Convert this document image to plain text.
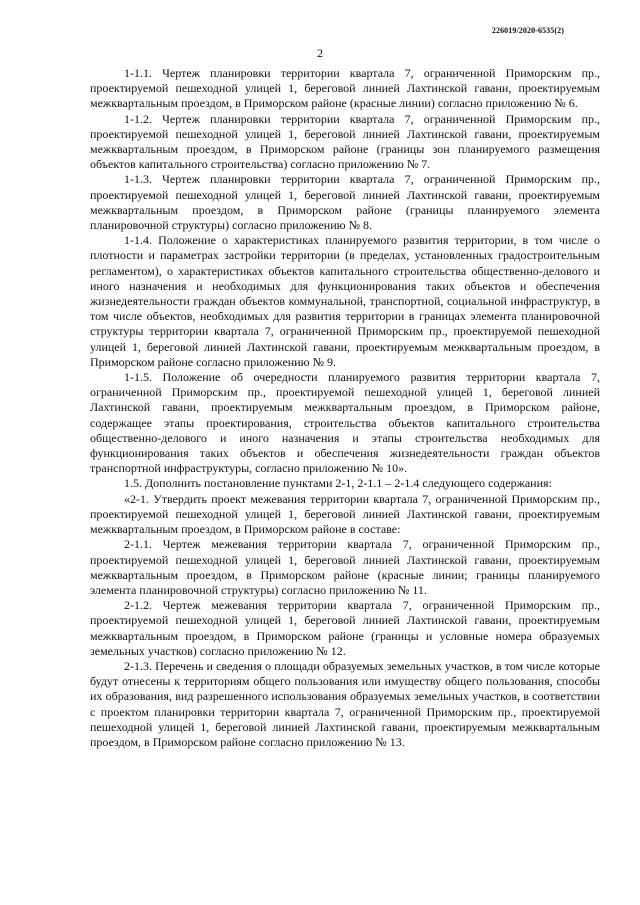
226019/2020-6535(2)
2

1-1.1. Чертеж планировки территории квартала 7, ограниченной Приморским пр., проектируемой пешеходной улицей 1, береговой линией Лахтинской гавани, проектируемым межквартальным проездом, в Приморском районе (красные линии) согласно приложению № 6.

1-1.2. Чертеж планировки территории квартала 7, ограниченной Приморским пр., проектируемой пешеходной улицей 1, береговой линией Лахтинской гавани, проектируемым межквартальным проездом, в Приморском районе (границы зон планируемого размещения объектов капитального строительства) согласно приложению № 7.

1-1.3. Чертеж планировки территории квартала 7, ограниченной Приморским пр., проектируемой пешеходной улицей 1, береговой линией Лахтинской гавани, проектируемым межквартальным проездом, в Приморском районе (границы планируемого элемента планировочной структуры) согласно приложению № 8.

1-1.4. Положение о характеристиках планируемого развития территории, в том числе о плотности и параметрах застройки территории (в пределах, установленных градостроительным регламентом), о характеристиках объектов капитального строительства общественно-делового и иного назначения и необходимых для функционирования таких объектов и обеспечения жизнедеятельности граждан объектов коммунальной, транспортной, социальной инфраструктур, в том числе объектов, необходимых для развития территории в границах элемента планировочной структуры территории квартала 7, ограниченной Приморским пр., проектируемой пешеходной улицей 1, береговой линией Лахтинской гавани, проектируемым межквартальным проездом, в Приморском районе согласно приложению № 9.

1-1.5. Положение об очередности планируемого развития территории квартала 7, ограниченной Приморским пр., проектируемой пешеходной улицей 1, береговой линией Лахтинской гавани, проектируемым межквартальным проездом, в Приморском районе, содержащее этапы проектирования, строительства объектов капитального строительства общественно-делового и иного назначения и этапы строительства необходимых для функционирования таких объектов и обеспечения жизнедеятельности граждан объектов транспортной инфраструктуры, согласно приложению № 10».

1.5. Дополнить постановление пунктами 2-1, 2-1.1 – 2-1.4 следующего содержания:

«2-1. Утвердить проект межевания территории квартала 7, ограниченной Приморским пр., проектируемой пешеходной улицей 1, береговой линией Лахтинской гавани, проектируемым межквартальным проездом, в Приморском районе в составе:

2-1.1. Чертеж межевания территории квартала 7, ограниченной Приморским пр., проектируемой пешеходной улицей 1, береговой линией Лахтинской гавани, проектируемым межквартальным проездом, в Приморском районе (красные линии; границы планируемого элемента планировочной структуры) согласно приложению № 11.

2-1.2. Чертеж межевания территории квартала 7, ограниченной Приморским пр., проектируемой пешеходной улицей 1, береговой линией Лахтинской гавани, проектируемым межквартальным проездом, в Приморском районе (границы и условные номера образуемых земельных участков) согласно приложению № 12.

2-1.3. Перечень и сведения о площади образуемых земельных участков, в том числе которые будут отнесены к территориям общего пользования или имуществу общего пользования, способы их образования, вид разрешенного использования образуемых земельных участков, в соответствии с проектом планировки территории квартала 7, ограниченной Приморским пр., проектируемой пешеходной улицей 1, береговой линией Лахтинской гавани, проектируемым межквартальным проездом, в Приморском районе согласно приложению № 13.
